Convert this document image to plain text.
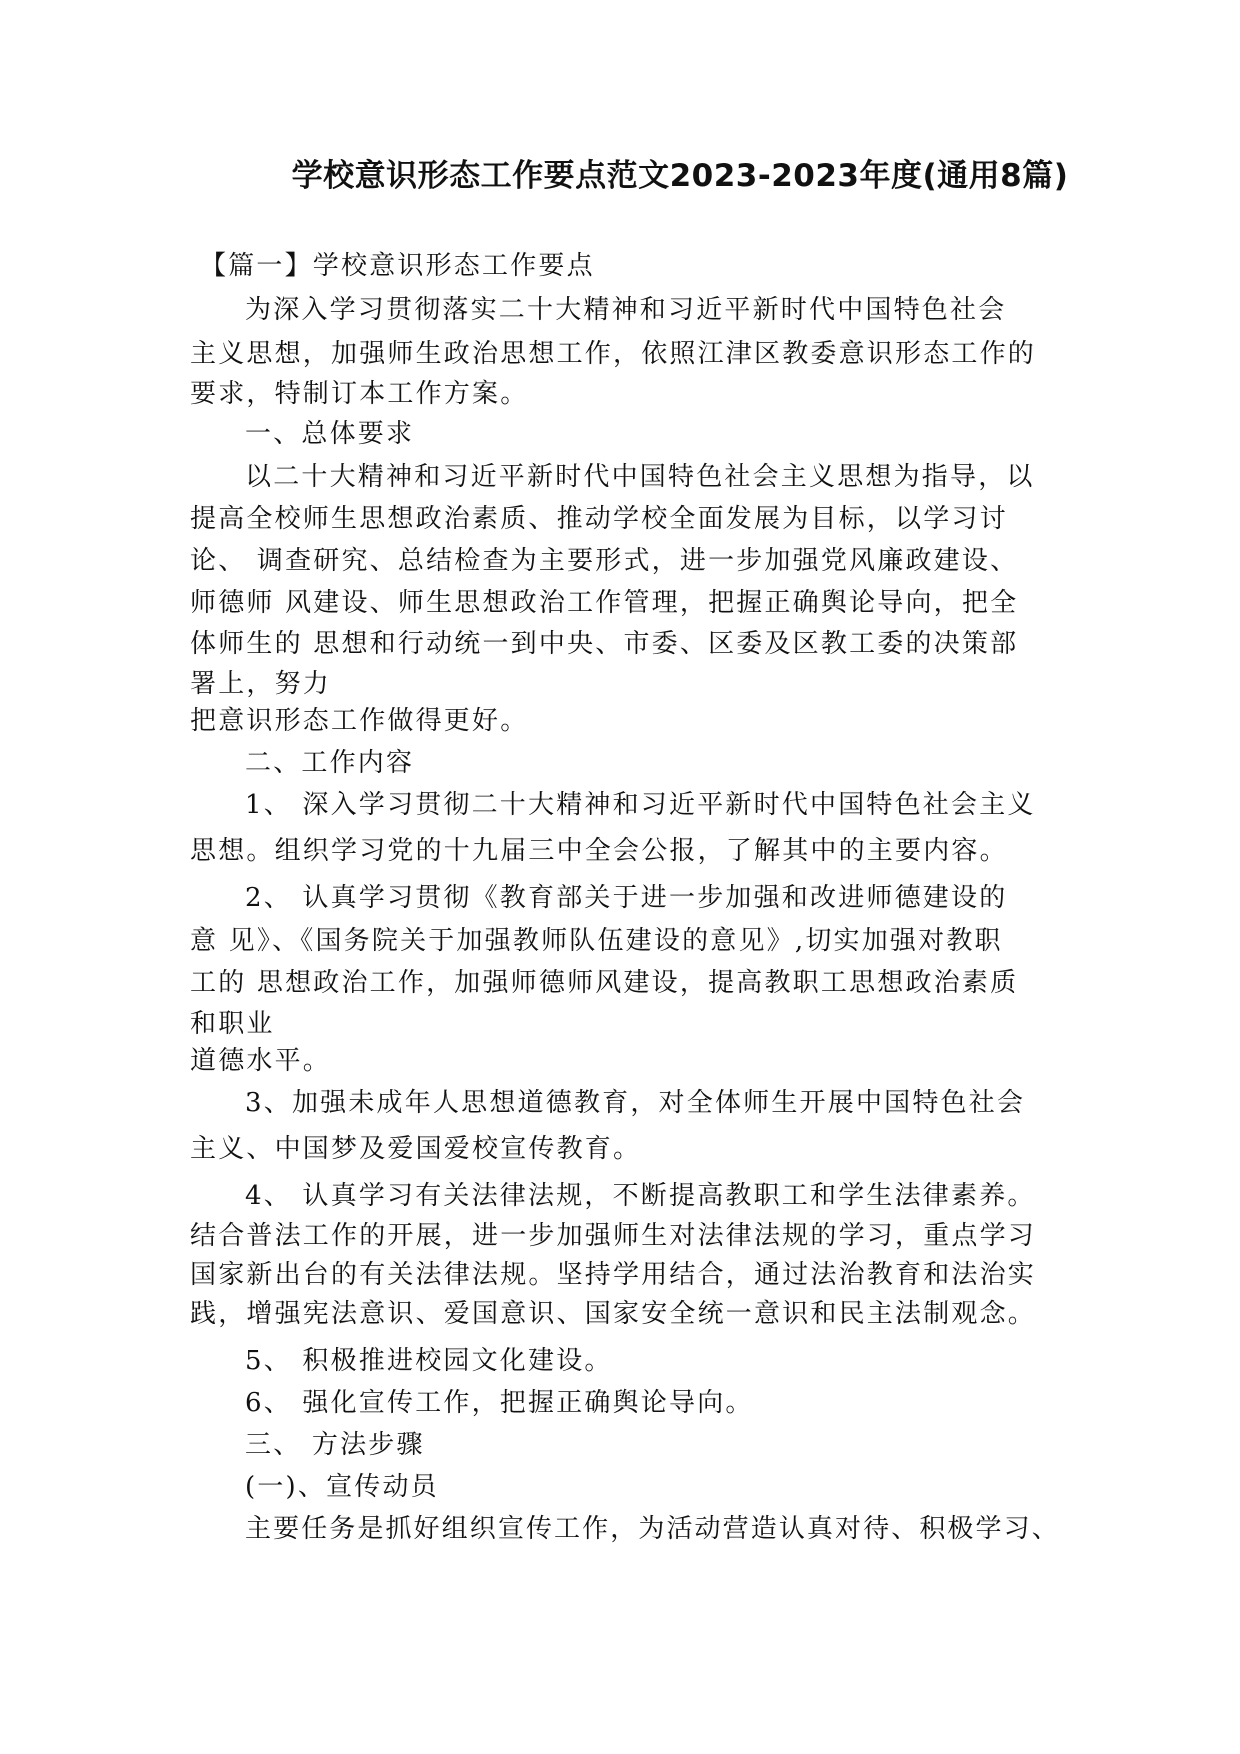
学校意识形态工作要点范文2023-2023年度(通用8篇)
【篇一】学校意识形态工作要点
为深入学习贯彻落实二十大精神和习近平新时代中国特色社会
主义思想，加强师生政治思想工作，依照江津区教委意识形态工作的
要求，特制订本工作方案。
一、总体要求
以二十大精神和习近平新时代中国特色社会主义思想为指导，以
提高全校师生思想政治素质、推动学校全面发展为目标，以学习讨
论、 调查研究、总结检查为主要形式，进一步加强党风廉政建设、
师德师 风建设、师生思想政治工作管理，把握正确舆论导向，把全
体师生的 思想和行动统一到中央、市委、区委及区教工委的决策部
署上，努力
把意识形态工作做得更好。
二、工作内容
1、 深入学习贯彻二十大精神和习近平新时代中国特色社会主义
思想。组织学习党的十九届三中全会公报，了解其中的主要内容。
2、 认真学习贯彻《教育部关于进一步加强和改进师德建设的
意 见》、《国务院关于加强教师队伍建设的意见》,切实加强对教职
工的 思想政治工作，加强师德师风建设，提高教职工思想政治素质
和职业
道德水平。
3、加强未成年人思想道德教育，对全体师生开展中国特色社会
主义、中国梦及爱国爱校宣传教育。
4、 认真学习有关法律法规，不断提高教职工和学生法律素养。
结合普法工作的开展，进一步加强师生对法律法规的学习，重点学习
国家新出台的有关法律法规。坚持学用结合，通过法治教育和法治实
践，增强宪法意识、爱国意识、国家安全统一意识和民主法制观念。
5、 积极推进校园文化建设。
6、 强化宣传工作，把握正确舆论导向。
三、 方法步骤
(一)、宣传动员
主要任务是抓好组织宣传工作，为活动营造认真对待、积极学习、
